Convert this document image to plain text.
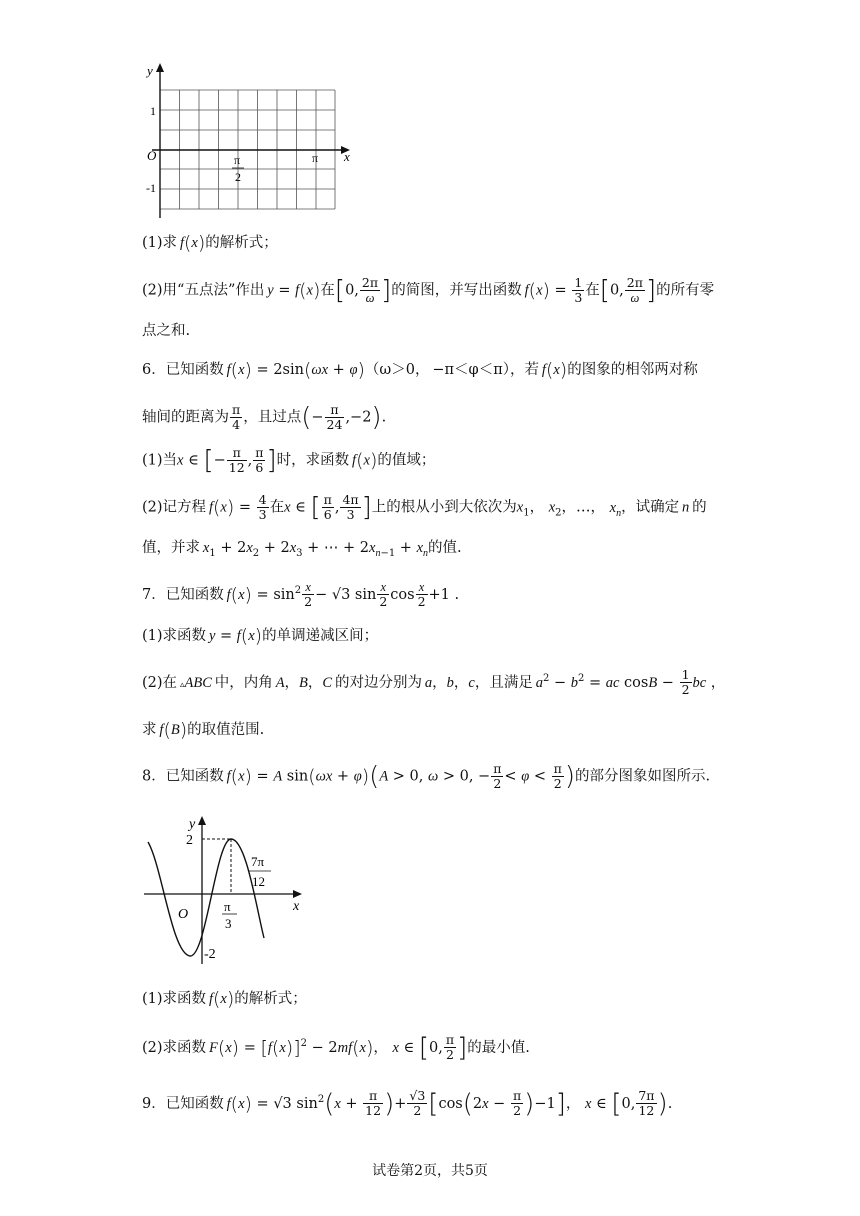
y
x
O
1
-1
π
2
π
(1)求  f(x)的解析式；
(2)用“五点法”作出  y = f(x)在[0, $\frac{2\pi}{\omega}$ ]的简图，并写出函数  $f(x) = \frac{1}{3}$ 在[0, $\frac{2\pi}{\omega}$ ]的所有零
点之和.
6．已知函数  f(x) = 2sin(ωx + φ)（ω＞0，  −π＜φ＜π），若  f(x)的图象的相邻两对称
轴间的距离为 $\frac{\pi}{4}$ ，且过点(− $\frac{\pi}{24} ,-2$).
(1)当x ∈ [− $\frac{\pi}{12}$ , $\frac{\pi}{6}$ ]时，求函数  f(x)的值域；
(2)记方程  $f(x) = \frac{4}{3}$ 在x ∈ [ $\frac{\pi}{6}$ , $\frac{4\pi}{3}$ ]上的根从小到大依次为$x_1$， $x_2$，…， $x_n$，试确定  n  的
值，并求  $x_1 + 2x_2 + 2x_3$ + ⋯ + $2x_{n-1} + x_n$的值.
7．已知函数  $f(x) = \sin^2 \frac{x}{2} - √3$ $\sin \frac{x}{2}$ $\cos \frac{x}{2} +1$ .
(1)求函数  y = f(x)的单调递减区间；
(2)在  ▵ABC  中，内角  A，B，C  的对边分别为  a，b，c，且满足  $a^2 - b^2$ = ac $\cos B - \frac{1}{2}$ bc ，
求  f(B)的取值范围.
8．已知函数  f(x) = A sin(ωx + φ)(A > 0, ω > 0, − $\frac{\pi}{2} < \varphi < \frac{\pi}{2}$ )的部分图象如图所示.
y
x
O
2
-2
π
3
7π
12
(1)求函数  f(x)的解析式；
(2)求函数  $F(x) = [f(x)]^2 - 2mf(x)$， x ∈ [0, $\frac{\pi}{2}$ ]的最小值.
9．已知函数  f(x) = √3 $\sin^2(x + \frac{\pi}{12}$ )+ $\frac{√3}{2} [\cos(2x - \frac{\pi}{2} )-1]$， x ∈ [0, $\frac{7\pi}{12}$ ).
试卷第2页，共5页
